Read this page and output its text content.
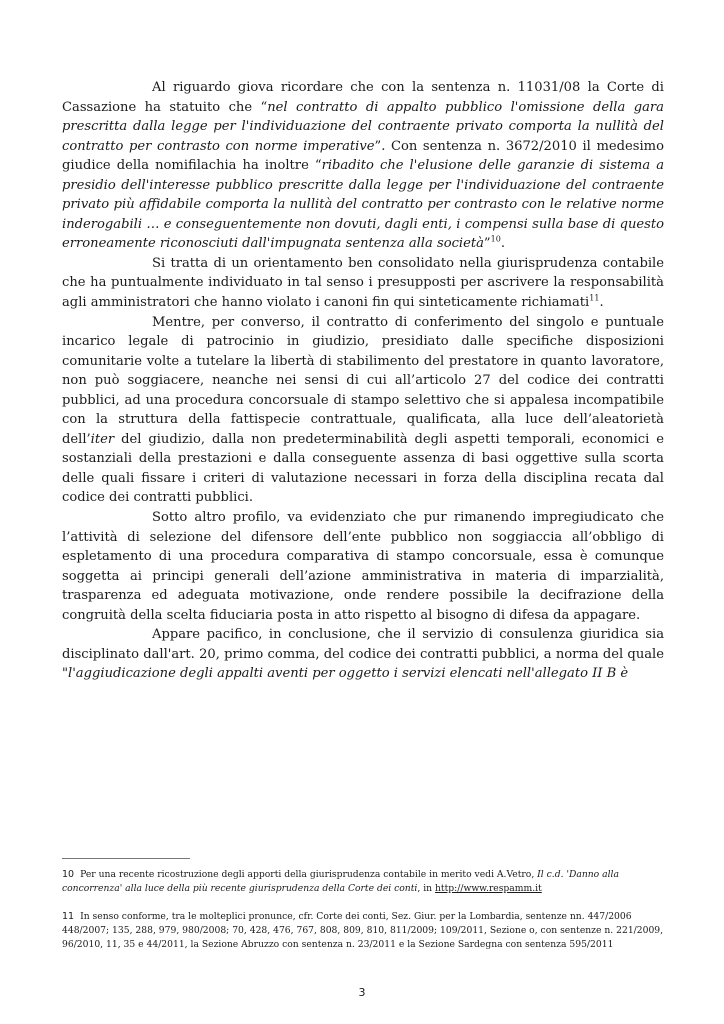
Al riguardo giova ricordare che con la sentenza n. 11031/08 la Corte di Cassazione ha statuito che “nel contratto di appalto pubblico l'omissione della gara prescritta dalla legge per l'individuazione del contraente privato comporta la nullità del contratto per contrasto con norme imperative”. Con sentenza n. 3672/2010 il medesimo giudice della nomifilachia ha inoltre “ribadito che l'elusione delle garanzie di sistema a presidio dell'interesse pubblico prescritte dalla legge per l'individuazione del contraente privato più affidabile comporta la nullità del contratto per contrasto con le relative norme inderogabili … e conseguentemente non dovuti, dagli enti, i compensi sulla base di questo erroneamente riconosciuti dall'impugnata sentenza alla società”$^{10}$.

Si tratta di un orientamento ben consolidato nella giurisprudenza contabile che ha puntualmente individuato in tal senso i presupposti per ascrivere la responsabilità agli amministratori che hanno violato i canoni fin qui sinteticamente richiamati$^{11}$.

Mentre, per converso, il contratto di conferimento del singolo e puntuale incarico legale di patrocinio in giudizio, presidiato dalle specifiche disposizioni comunitarie volte a tutelare la libertà di stabilimento del prestatore in quanto lavoratore, non può soggiacere, neanche nei sensi di cui all’articolo 27 del codice dei contratti pubblici, ad una procedura concorsuale di stampo selettivo che si appalesa incompatibile con la struttura della fattispecie contrattuale, qualificata, alla luce dell’aleatorietà dell’iter del giudizio, dalla non predeterminabilità degli aspetti temporali, economici e sostanziali della prestazioni e dalla conseguente assenza di basi oggettive sulla scorta delle quali fissare i criteri di valutazione necessari in forza della disciplina recata dal codice dei contratti pubblici.

Sotto altro profilo, va evidenziato che pur rimanendo impregiudicato che l’attività di selezione del difensore dell’ente pubblico non soggiaccia all’obbligo di espletamento di una procedura comparativa di stampo concorsuale, essa è comunque soggetta ai principi generali dell’azione amministrativa in materia di imparzialità, trasparenza ed adeguata motivazione, onde rendere possibile la decifrazione della congruità della scelta fiduciaria posta in atto rispetto al bisogno di difesa da appagare.

Appare pacifico, in conclusione, che il servizio di consulenza giuridica sia disciplinato dall'art. 20, primo comma, del codice dei contratti pubblici, a norma del quale "l'aggiudicazione degli appalti aventi per oggetto i servizi elencati nell'allegato II B è

10 Per una recente ricostruzione degli apporti della giurisprudenza contabile in merito vedi A.Vetro, Il c.d. 'Danno alla concorrenza' alla luce della più recente giurisprudenza della Corte dei conti, in http://www.respamm.it
11 In senso conforme, tra le molteplici pronunce, cfr. Corte dei conti, Sez. Giur. per la Lombardia, sentenze nn. 447/2006 448/2007; 135, 288, 979, 980/2008; 70, 428, 476, 767, 808, 809, 810, 811/2009; 109/2011, Sezione o, con sentenze n. 221/2009, 96/2010, 11, 35 e 44/2011, la Sezione Abruzzo con sentenza n. 23/2011 e la Sezione Sardegna con sentenza 595/2011
3
